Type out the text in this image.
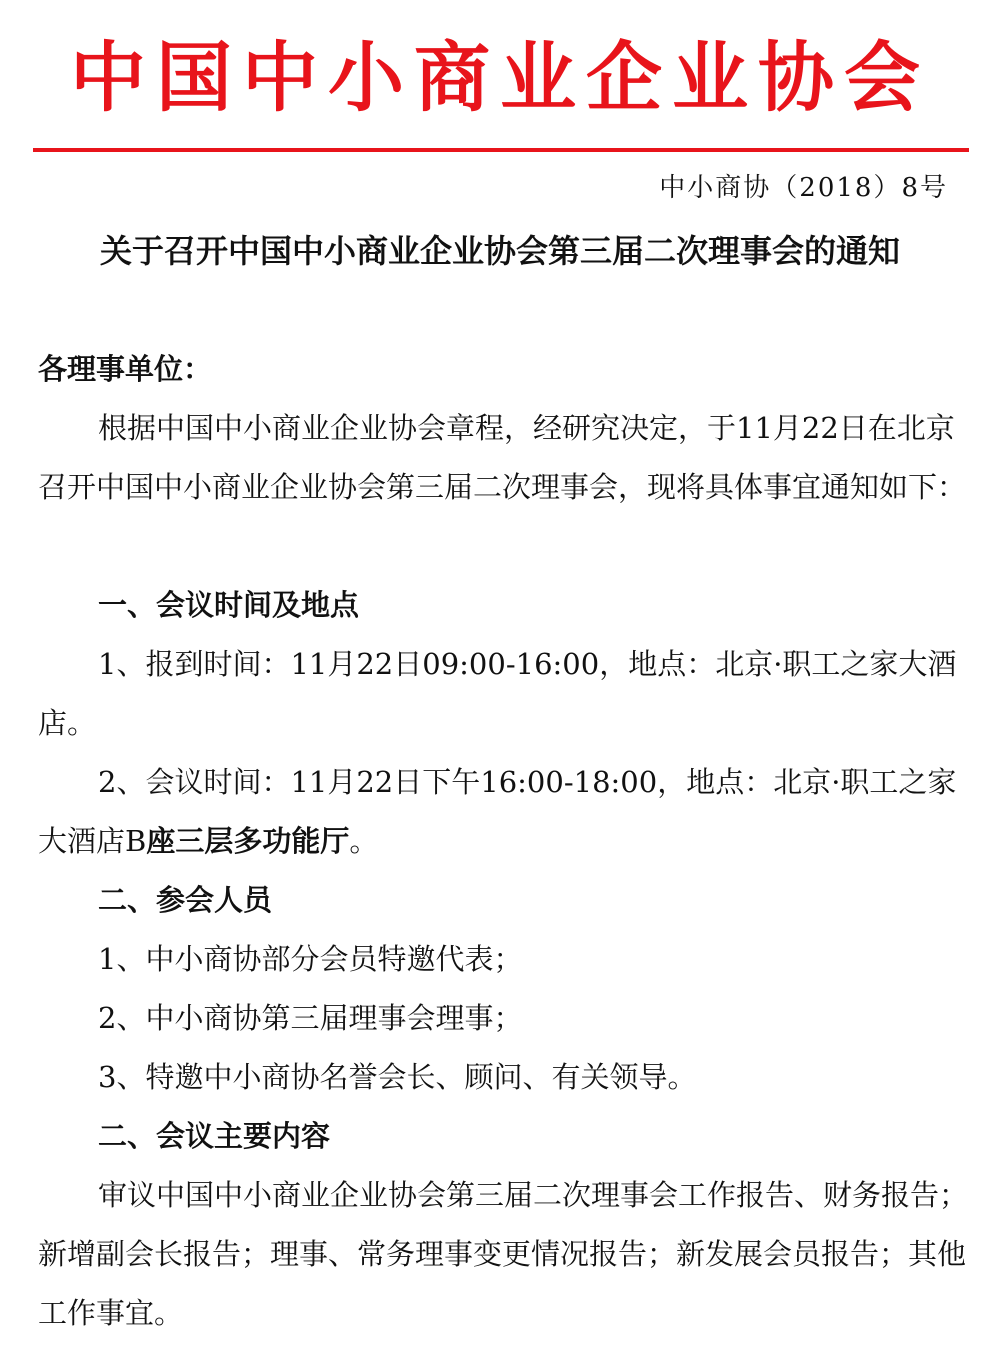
中国中小商业企业协会
中小商协（2018）8号
关于召开中国中小商业企业协会第三届二次理事会的通知

各理事单位：

根据中国中小商业企业协会章程，经研究决定，于11月22日在北京召开中国中小商业企业协会第三届二次理事会，现将具体事宜通知如下：

一、会议时间及地点

1、报到时间：11月22日09:00-16:00，地点：北京·职工之家大酒店。

2、会议时间：11月22日下午16:00-18:00，地点：北京·职工之家大酒店B座三层多功能厅。

二、参会人员

1、中小商协部分会员特邀代表；

2、中小商协第三届理事会理事；

3、特邀中小商协名誉会长、顾问、有关领导。

二、会议主要内容

审议中国中小商业企业协会第三届二次理事会工作报告、财务报告；新增副会长报告；理事、常务理事变更情况报告；新发展会员报告；其他工作事宜。
